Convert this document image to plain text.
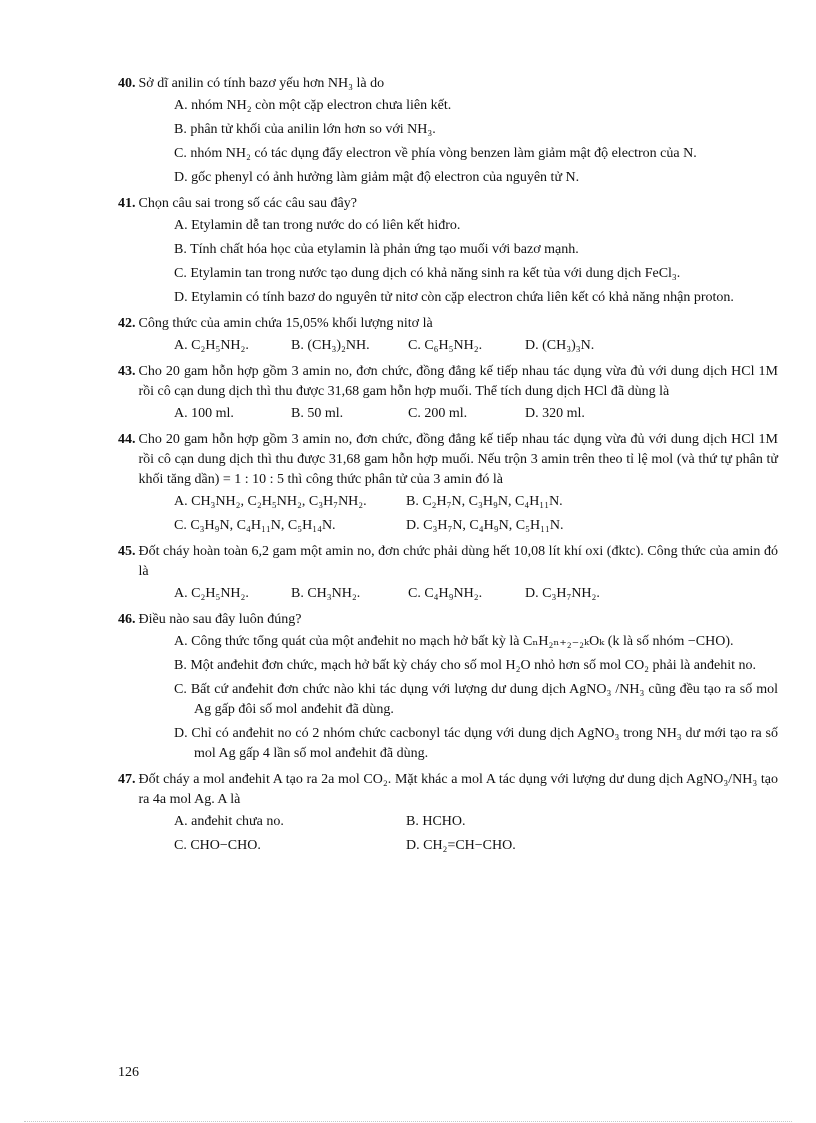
40. Sở dĩ anilin có tính bazơ yếu hơn NH₃ là do
A. nhóm NH₂ còn một cặp electron chưa liên kết.
B. phân tử khối của anilin lớn hơn so với NH₃.
C. nhóm NH₂ có tác dụng đẩy electron về phía vòng benzen làm giảm mật độ electron của N.
D. gốc phenyl có ảnh hưởng làm giảm mật độ electron của nguyên tử N.
41. Chọn câu sai trong số các câu sau đây?
A. Etylamin dễ tan trong nước do có liên kết hiđro.
B. Tính chất hóa học của etylamin là phản ứng tạo muối với bazơ mạnh.
C. Etylamin tan trong nước tạo dung dịch có khả năng sinh ra kết tủa với dung dịch FeCl₃.
D. Etylamin có tính bazơ do nguyên tử nitơ còn cặp electron chứa liên kết có khả năng nhận proton.
42. Công thức của amin chứa 15,05% khối lượng nitơ là
A. C₂H₅NH₂.	B. (CH₃)₂NH.	C. C₆H₅NH₂.	D. (CH₃)₃N.
43. Cho 20 gam hỗn hợp gồm 3 amin no, đơn chức, đồng đẳng kế tiếp nhau tác dụng vừa đủ với dung dịch HCl 1M rồi cô cạn dung dịch thì thu được 31,68 gam hỗn hợp muối. Thể tích dung dịch HCl đã dùng là
A. 100 ml.	B. 50 ml.	C. 200 ml.	D. 320 ml.
44. Cho 20 gam hỗn hợp gồm 3 amin no, đơn chức, đồng đẳng kế tiếp nhau tác dụng vừa đủ với dung dịch HCl 1M rồi cô cạn dung dịch thì thu được 31,68 gam hỗn hợp muối. Nếu trộn 3 amin trên theo tỉ lệ mol (và thứ tự phân tử khối tăng dần) = 1 : 10 : 5 thì công thức phân tử của 3 amin đó là
A. CH₃NH₂, C₂H₅NH₂, C₃H₇NH₂.	B. C₂H₇N, C₃H₉N, C₄H₁₁N.
C. C₃H₉N, C₄H₁₁N, C₅H₁₄N.	D. C₃H₇N, C₄H₉N, C₅H₁₁N.
45. Đốt cháy hoàn toàn 6,2 gam một amin no, đơn chức phải dùng hết 10,08 lít khí oxi (đktc). Công thức của amin đó là
A. C₂H₅NH₂.	B. CH₃NH₂.	C. C₄H₉NH₂.	D. C₃H₇NH₂.
46. Điều nào sau đây luôn đúng?
A. Công thức tổng quát của một anđehit no mạch hở bất kỳ là CₙH₂ₙ₊₂₋₂ₖOₖ (k là số nhóm −CHO).
B. Một anđehit đơn chức, mạch hở bất kỳ cháy cho số mol H₂O nhỏ hơn số mol CO₂ phải là anđehit no.
C. Bất cứ anđehit đơn chức nào khi tác dụng với lượng dư dung dịch AgNO₃ /NH₃ cũng đều tạo ra số mol Ag gấp đôi số mol anđehit đã dùng.
D. Chỉ có anđehit no có 2 nhóm chức cacbonyl tác dụng với dung dịch AgNO₃ trong NH₃ dư mới tạo ra số mol Ag gấp 4 lần số mol anđehit đã dùng.
47. Đốt cháy a mol anđehit A tạo ra 2a mol CO₂. Mặt khác a mol A tác dụng với lượng dư dung dịch AgNO₃/NH₃ tạo ra 4a mol Ag. A là
A. anđehit chưa no.	B. HCHO.
C. CHO−CHO.	D. CH₂=CH−CHO.
126
